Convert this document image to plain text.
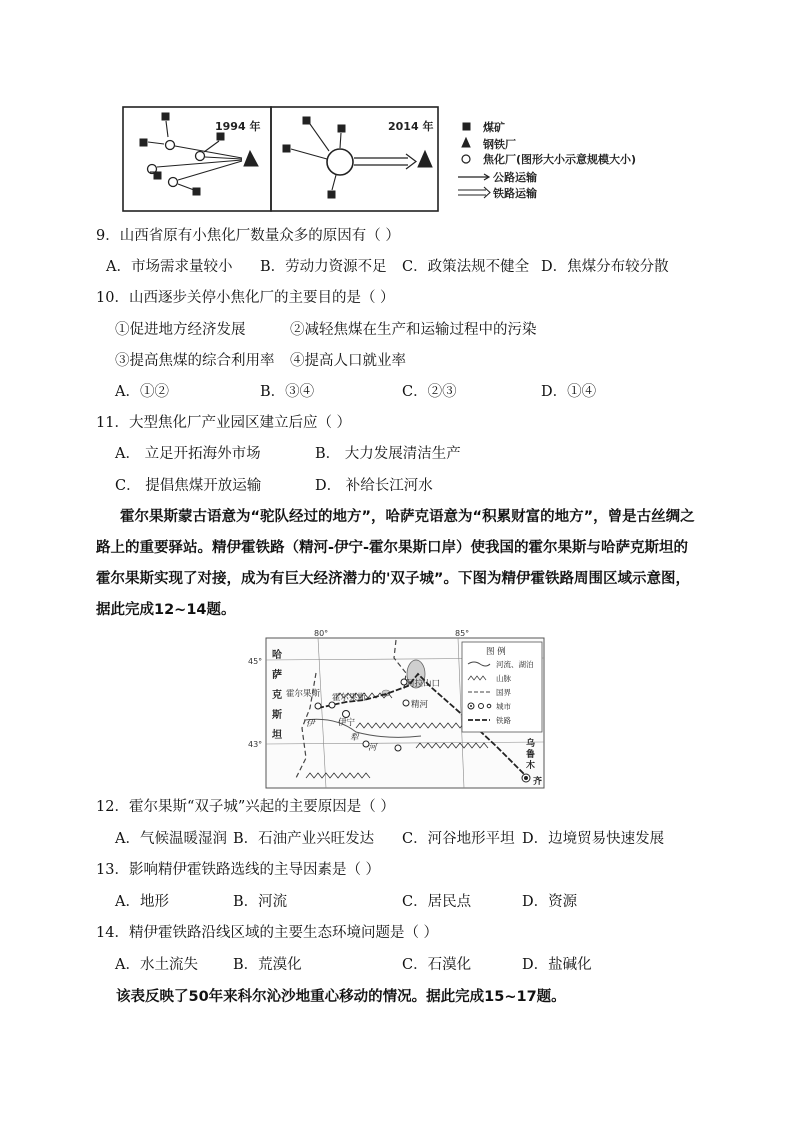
1994 年	2014 年	煤矿
钢铁厂
焦化厂(图形大小示意规模大小)
公路运输
铁路运输
9．山西省原有小焦化厂数量众多的原因有（ ）
A．市场需求量较小 B．劳动力资源不足 C．政策法规不健全 D．焦煤分布较分散
10．山西逐步关停小焦化厂的主要目的是（ ）
①促进地方经济发展	②减轻焦煤在生产和运输过程中的污染
③提高焦煤的综合利用率 ④提高人口就业率
A．①②	B．③④	C．②③	D．①④
11．大型焦化厂产业园区建立后应（ ）
A． 立足开拓海外市场	B． 大力发展清洁生产
C． 提倡焦煤开放运输	D． 补给长江河水
霍尔果斯蒙古语意为“驼队经过的地方”，哈萨克语意为“积累财富的地方”，曾是古丝绸之路上的重要驿站。精伊霍铁路（精河-伊宁-霍尔果斯口岸）使我国的霍尔果斯与哈萨克斯坦的霍尔果斯实现了对接，成为有巨大经济潜力的'双子城”。下图为精伊霍铁路周围区域示意图，据此完成12~14题。
80°	85°
45°
43°
哈
萨
克
斯
坦
霍尔果斯 霍尔果斯
阿拉山口
精河
伊宁
伊
犁
河	乌
鲁
木
齐
图 例
河流、湖泊
山脉
国界
城市
铁路
12．霍尔果斯“双子城”兴起的主要原因是（ ）
A．气候温暖湿润 B．石油产业兴旺发达 C．河谷地形平坦 D．边境贸易快速发展
13．影响精伊霍铁路选线的主导因素是（ ）
A．地形	B．河流	C．居民点	D．资源
14．精伊霍铁路沿线区域的主要生态环境问题是（ ）
A．水土流失 B．荒漠化	C．石漠化	D．盐碱化
该表反映了50年来科尔沁沙地重心移动的情况。据此完成15~17题。
